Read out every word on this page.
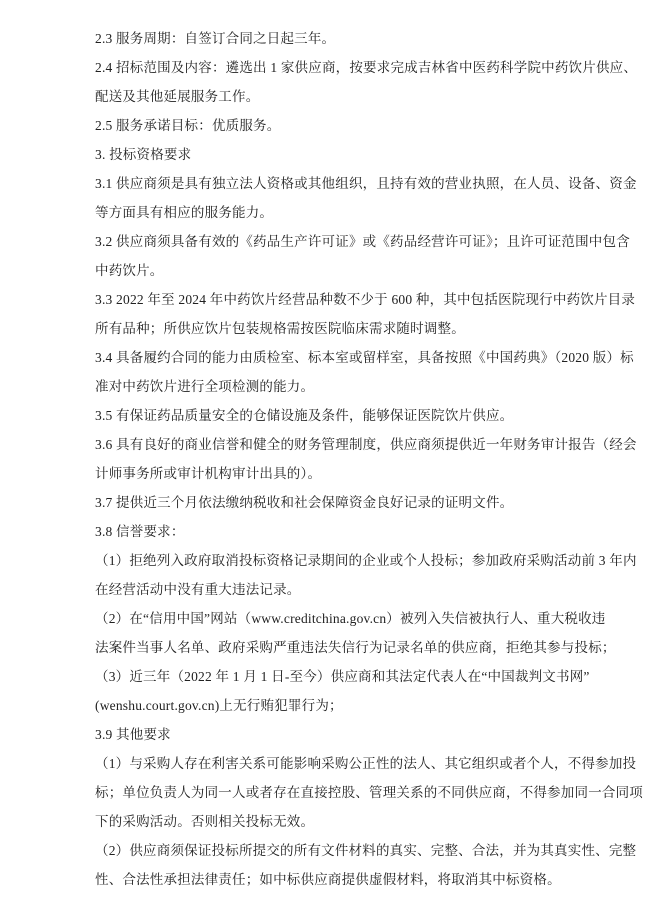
2.3 服务周期：自签订合同之日起三年。
2.4 招标范围及内容：遴选出 1 家供应商，按要求完成吉林省中医药科学院中药饮片供应、
配送及其他延展服务工作。
2.5 服务承诺目标：优质服务。
3. 投标资格要求
3.1 供应商须是具有独立法人资格或其他组织，且持有效的营业执照，在人员、设备、资金
等方面具有相应的服务能力。
3.2 供应商须具备有效的《药品生产许可证》或《药品经营许可证》；且许可证范围中包含
中药饮片。
3.3 2022 年至 2024 年中药饮片经营品种数不少于 600 种，其中包括医院现行中药饮片目录
所有品种；所供应饮片包装规格需按医院临床需求随时调整。
3.4 具备履约合同的能力由质检室、标本室或留样室，具备按照《中国药典》（2020 版）标
准对中药饮片进行全项检测的能力。
3.5 有保证药品质量安全的仓储设施及条件，能够保证医院饮片供应。
3.6 具有良好的商业信誉和健全的财务管理制度，供应商须提供近一年财务审计报告（经会
计师事务所或审计机构审计出具的）。
3.7 提供近三个月依法缴纳税收和社会保障资金良好记录的证明文件。
3.8 信誉要求：
（1）拒绝列入政府取消投标资格记录期间的企业或个人投标；参加政府采购活动前 3 年内
在经营活动中没有重大违法记录。
（2）在“信用中国”网站（www.creditchina.gov.cn）被列入失信被执行人、重大税收违
法案件当事人名单、政府采购严重违法失信行为记录名单的供应商，拒绝其参与投标；
（3）近三年（2022 年 1 月 1 日-至今）供应商和其法定代表人在“中国裁判文书网”
(wenshu.court.gov.cn)上无行贿犯罪行为；
3.9 其他要求
（1）与采购人存在利害关系可能影响采购公正性的法人、其它组织或者个人，不得参加投
标；单位负责人为同一人或者存在直接控股、管理关系的不同供应商，不得参加同一合同项
下的采购活动。否则相关投标无效。
（2）供应商须保证投标所提交的所有文件材料的真实、完整、合法，并为其真实性、完整
性、合法性承担法律责任；如中标供应商提供虚假材料，将取消其中标资格。
